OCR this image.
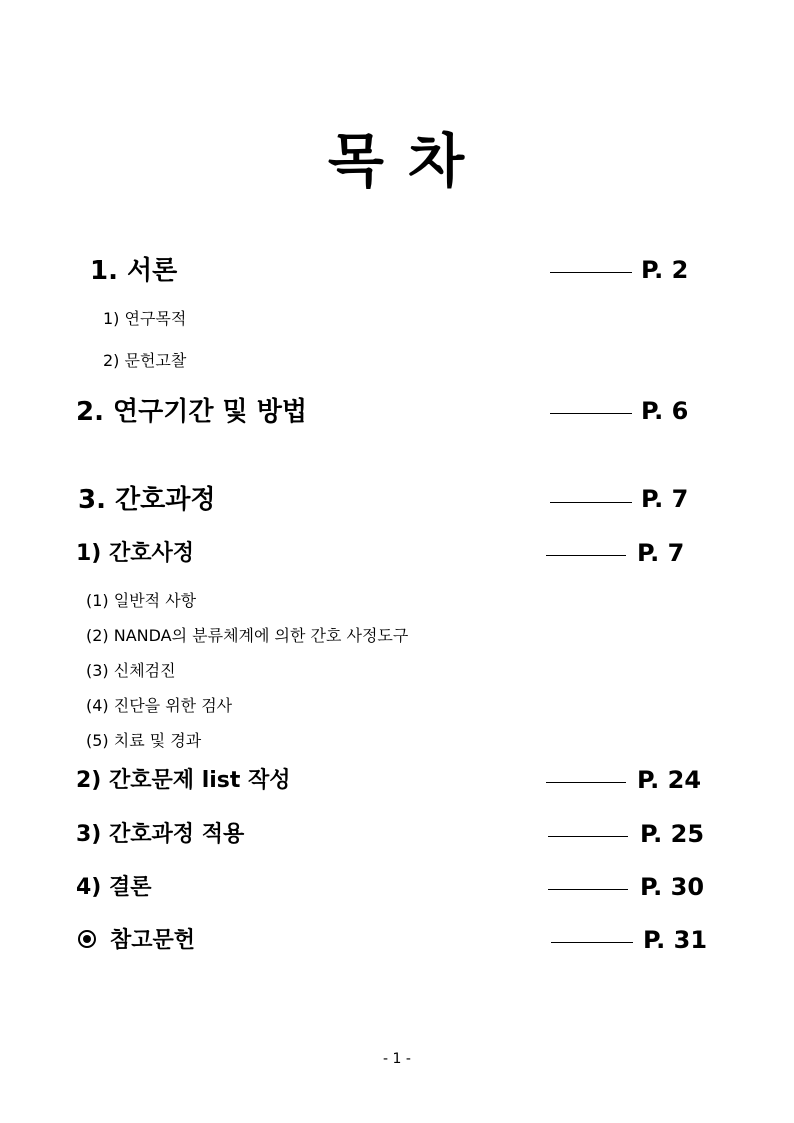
목 차
1. 서론	P. 2
1) 연구목적
2) 문헌고찰
2. 연구기간 및 방법	P. 6
3. 간호과정	P. 7
1) 간호사정	P. 7
(1) 일반적 사항
(2) NANDA의 분류체계에 의한 간호 사정도구
(3) 신체검진
(4) 진단을 위한 검사
(5) 치료 및 경과
2) 간호문제 list 작성	P. 24
3) 간호과정 적용	P. 25
4) 결론	P. 30
참고문헌	P. 31
- 1 -
